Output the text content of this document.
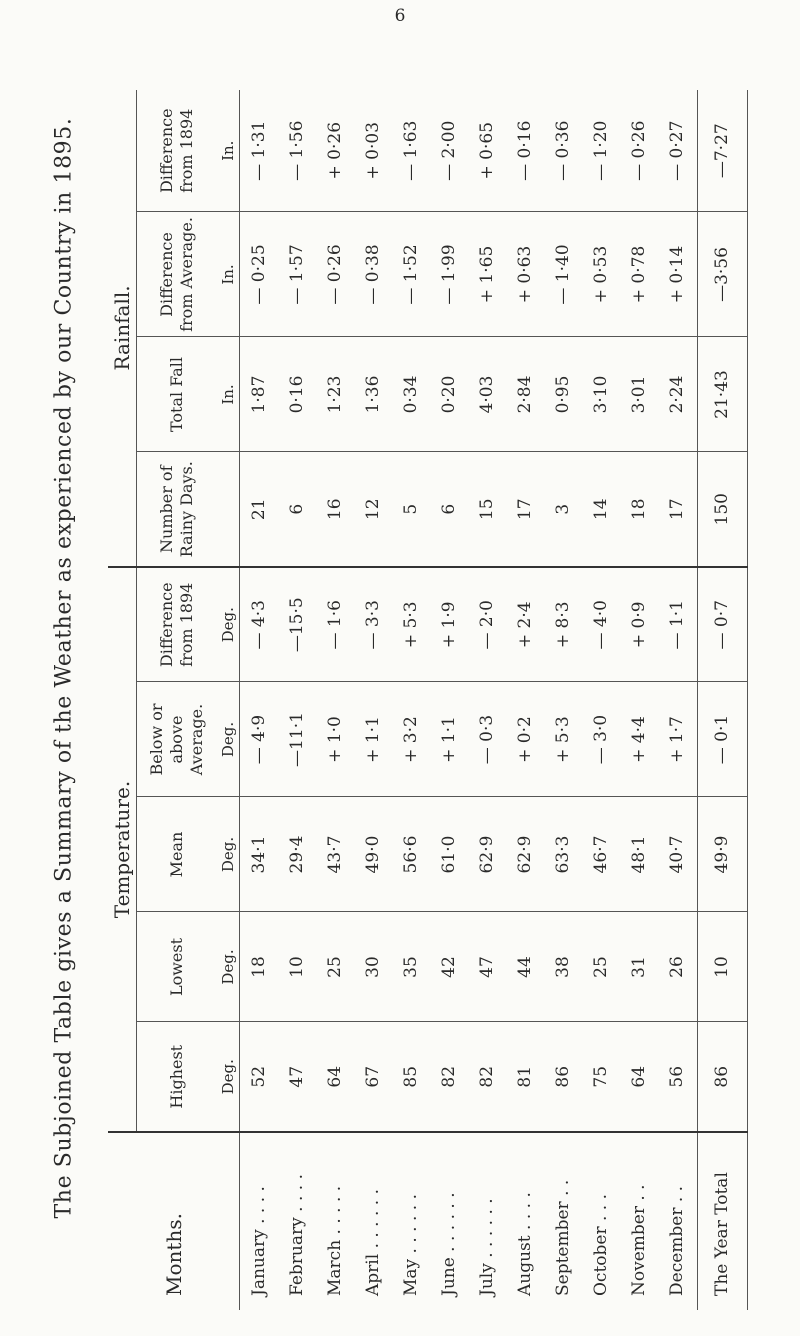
6
The Subjoined Table gives a Summary of the Weather as experienced by our Country in 1895.
Months.	Temperature.					Rainfall.			
	Highest	Lowest	Mean	Below or above Average.	Difference from 1894	Number of Rainy Days.	Total Fall	Difference from Average.	Difference from 1894
	Deg.	Deg.	Deg.	Deg.	Deg.		In.	In.	In.
January . . . .	52	18	34·1	— 4·9	— 4·3	21	1·87	— 0·25	— 1·31
February . . . .	47	10	29·4	—11·1	—15·5	6	0·16	— 1·57	— 1·56
March . . . . .	64	25	43·7	+ 1·0	— 1·6	16	1·23	— 0·26	+ 0·26
April . . . . . .	67	30	49·0	+ 1·1	— 3·3	12	1·36	— 0·38	+ 0·03
May . . . . . .	85	35	56·6	+ 3·2	+ 5·3	5	0·34	— 1·52	— 1·63
June . . . . . .	82	42	61·0	+ 1·1	+ 1·9	6	0·20	— 1·99	— 2·00
July . . . . . .	82	47	62·9	— 0·3	— 2·0	15	4·03	+ 1·65	+ 0·65
August . . . .	81	44	62·9	+ 0·2	+ 2·4	17	2·84	+ 0·63	— 0·16
September . .	86	38	63·3	+ 5·3	+ 8·3	3	0·95	— 1·40	— 0·36
October . . .	75	25	46·7	— 3·0	— 4·0	14	3·10	+ 0·53	— 1·20
November . .	64	31	48·1	+ 4·4	+ 0·9	18	3·01	+ 0·78	— 0·26
December . .	56	26	40·7	+ 1·7	— 1·1	17	2·24	+ 0·14	— 0·27
The Year Total	86	10	49·9	— 0·1	— 0·7	150	21·43	—3·56	—7·27
